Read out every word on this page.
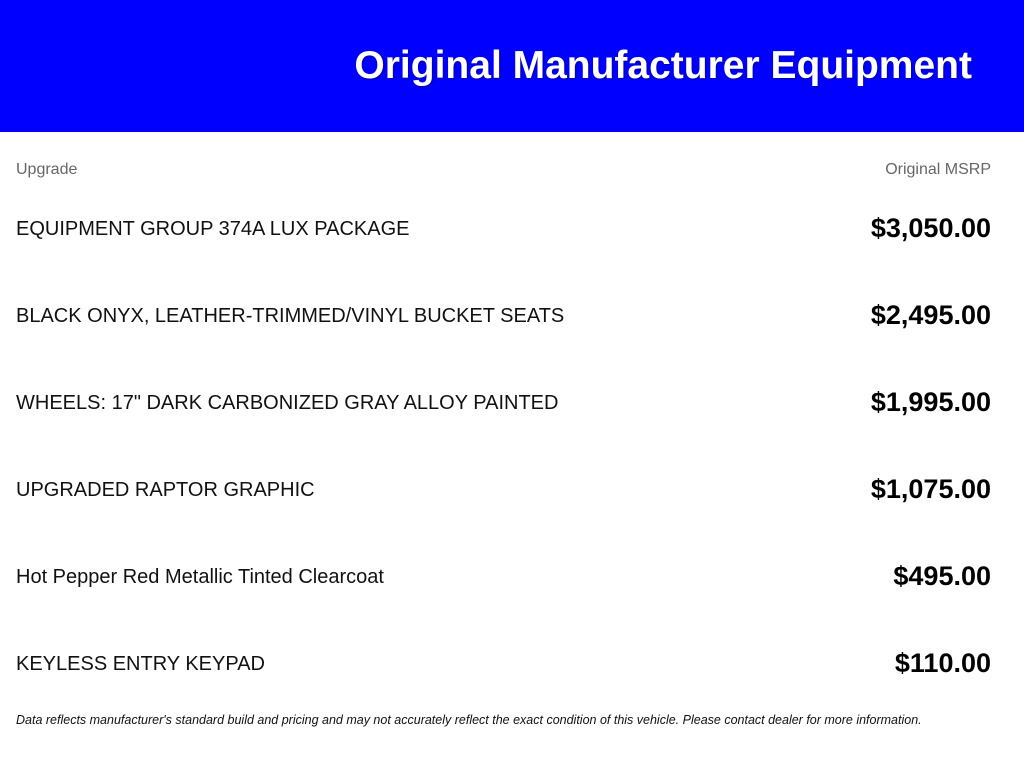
Original Manufacturer Equipment
Upgrade	Original MSRP
EQUIPMENT GROUP 374A LUX PACKAGE	$3,050.00
BLACK ONYX, LEATHER-TRIMMED/VINYL BUCKET SEATS	$2,495.00
WHEELS: 17" DARK CARBONIZED GRAY ALLOY PAINTED	$1,995.00
UPGRADED RAPTOR GRAPHIC	$1,075.00
Hot Pepper Red Metallic Tinted Clearcoat	$495.00
KEYLESS ENTRY KEYPAD	$110.00
Data reflects manufacturer's standard build and pricing and may not accurately reflect the exact condition of this vehicle. Please contact dealer for more information.
